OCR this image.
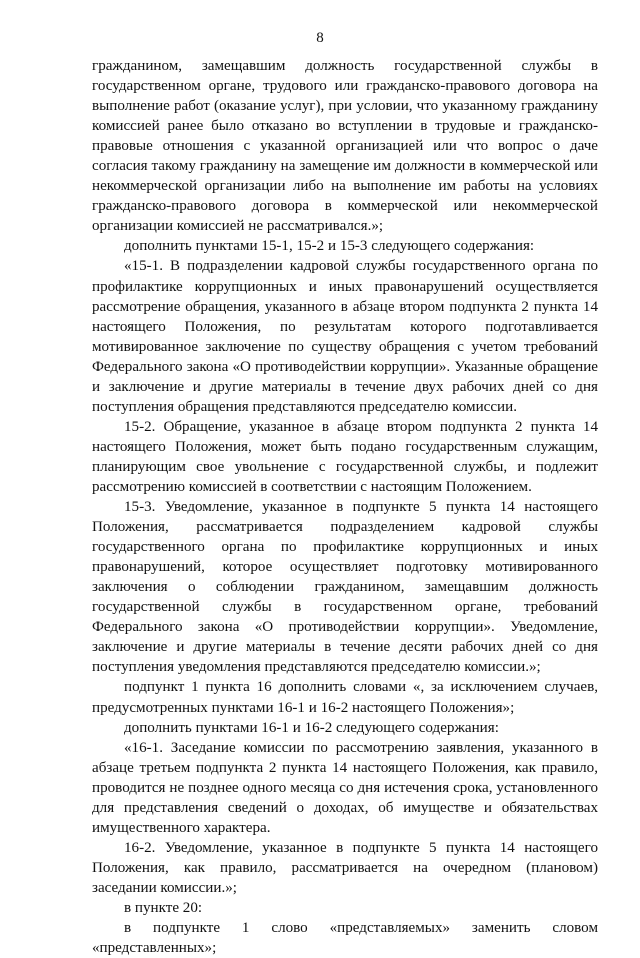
8

гражданином, замещавшим должность государственной службы в государственном органе, трудового или гражданско-правового договора на выполнение работ (оказание услуг), при условии, что указанному гражданину комиссией ранее было отказано во вступлении в трудовые и гражданско-правовые отношения с указанной организацией или что вопрос о даче согласия такому гражданину на замещение им должности в коммерческой или некоммерческой организации либо на выполнение им работы на условиях гражданско-правового договора в коммерческой или некоммерческой организации комиссией не рассматривался.»;

дополнить пунктами 15-1, 15-2 и 15-3 следующего содержания:

«15-1. В подразделении кадровой службы государственного органа по профилактике коррупционных и иных правонарушений осуществляется рассмотрение обращения, указанного в абзаце втором подпункта 2 пункта 14 настоящего Положения, по результатам которого подготавливается мотивированное заключение по существу обращения с учетом требований Федерального закона «О противодействии коррупции». Указанные обращение и заключение и другие материалы в течение двух рабочих дней со дня поступления обращения представляются председателю комиссии.

15-2. Обращение, указанное в абзаце втором подпункта 2 пункта 14 настоящего Положения, может быть подано государственным служащим, планирующим свое увольнение с государственной службы, и подлежит рассмотрению комиссией в соответствии с настоящим Положением.

15-3. Уведомление, указанное в подпункте 5 пункта 14 настоящего Положения, рассматривается подразделением кадровой службы государственного органа по профилактике коррупционных и иных правонарушений, которое осуществляет подготовку мотивированного заключения о соблюдении гражданином, замещавшим должность государственной службы в государственном органе, требований Федерального закона «О противодействии коррупции». Уведомление, заключение и другие материалы в течение десяти рабочих дней со дня поступления уведомления представляются председателю комиссии.»;

подпункт 1 пункта 16 дополнить словами «, за исключением случаев, предусмотренных пунктами 16-1 и 16-2 настоящего Положения»;

дополнить пунктами 16-1 и 16-2 следующего содержания:

«16-1. Заседание комиссии по рассмотрению заявления, указанного в абзаце третьем подпункта 2 пункта 14 настоящего Положения, как правило, проводится не позднее одного месяца со дня истечения срока, установленного для представления сведений о доходах, об имуществе и обязательствах имущественного характера.

16-2. Уведомление, указанное в подпункте 5 пункта 14 настоящего Положения, как правило, рассматривается на очередном (плановом) заседании комиссии.»;

в пункте 20:

в подпункте 1 слово «представляемых» заменить словом «представленных»;
